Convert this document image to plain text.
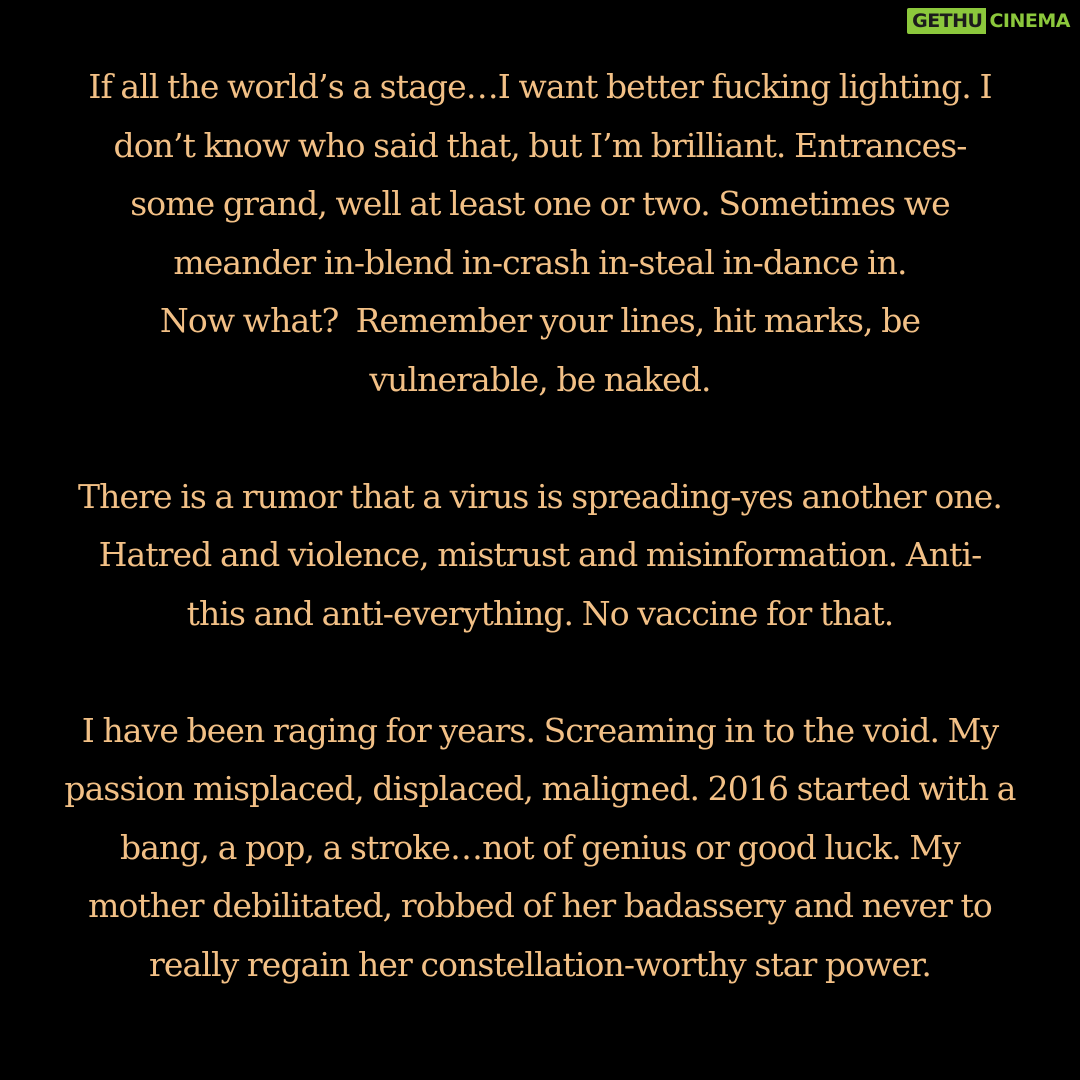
GETHU CINEMA
If all the world’s a stage…I want better fucking lighting. I
don’t know who said that, but I’m brilliant. Entrances-
some grand, well at least one or two. Sometimes we
meander in-blend in-crash in-steal in-dance in.
Now what?  Remember your lines, hit marks, be
vulnerable, be naked.
There is a rumor that a virus is spreading-yes another one.
Hatred and violence, mistrust and misinformation. Anti-
this and anti-everything. No vaccine for that.
I have been raging for years. Screaming in to the void. My
passion misplaced, displaced, maligned. 2016 started with a
bang, a pop, a stroke…not of genius or good luck. My
mother debilitated, robbed of her badassery and never to
really regain her constellation-worthy star power.
